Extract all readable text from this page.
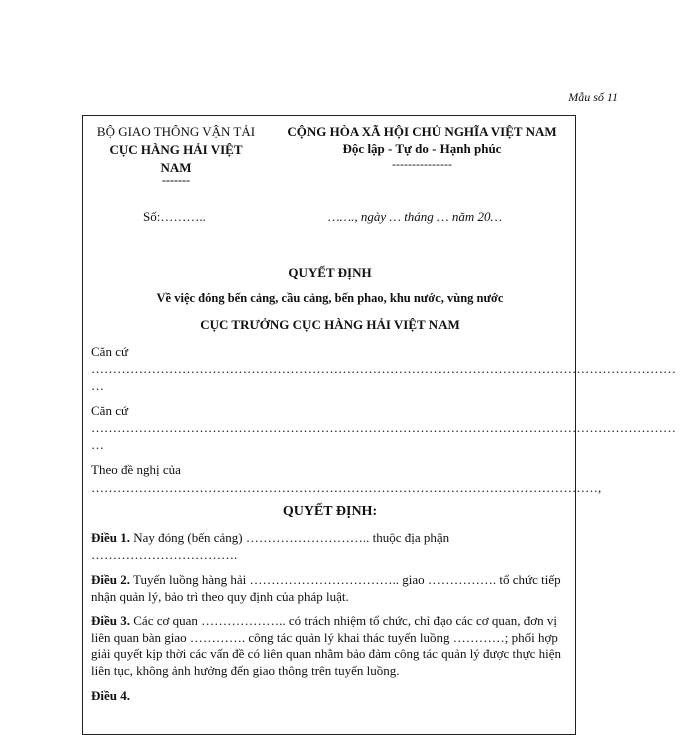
Mẫu số 11
BỘ GIAO THÔNG VẬN TẢI
CỤC HÀNG HẢI VIỆT NAM
-------
CỘNG HÒA XÃ HỘI CHỦ NGHĨA VIỆT NAM
Độc lập - Tự do - Hạnh phúc
---------------
Số:………..	……., ngày … tháng … năm 20…
QUYẾT ĐỊNH
Về việc đóng bến cảng, cầu cảng, bến phao, khu nước, vùng nước
CỤC TRƯỞNG CỤC HÀNG HẢI VIỆT NAM
Căn cứ
………………………………………………………………………………………………………………………
…
Căn cứ
………………………………………………………………………………………………………………………
…
Theo đề nghị của
………………………………………………………………………………………………………,
QUYẾT ĐỊNH:
Điều 1. Nay đóng (bến cảng) ……………………….. thuộc địa phận …………………………….
Điều 2. Tuyến luồng hàng hải …………………………….. giao ……………. tổ chức tiếp nhận quản lý, bảo trì theo quy định của pháp luật.
Điều 3. Các cơ quan ……………….. có trách nhiệm tổ chức, chỉ đạo các cơ quan, đơn vị liên quan bàn giao …………. công tác quản lý khai thác tuyến luồng …………; phối hợp giải quyết kịp thời các vấn đề có liên quan nhằm bảo đảm công tác quản lý được thực hiện liên tục, không ảnh hưởng đến giao thông trên tuyến luồng.
Điều 4.
